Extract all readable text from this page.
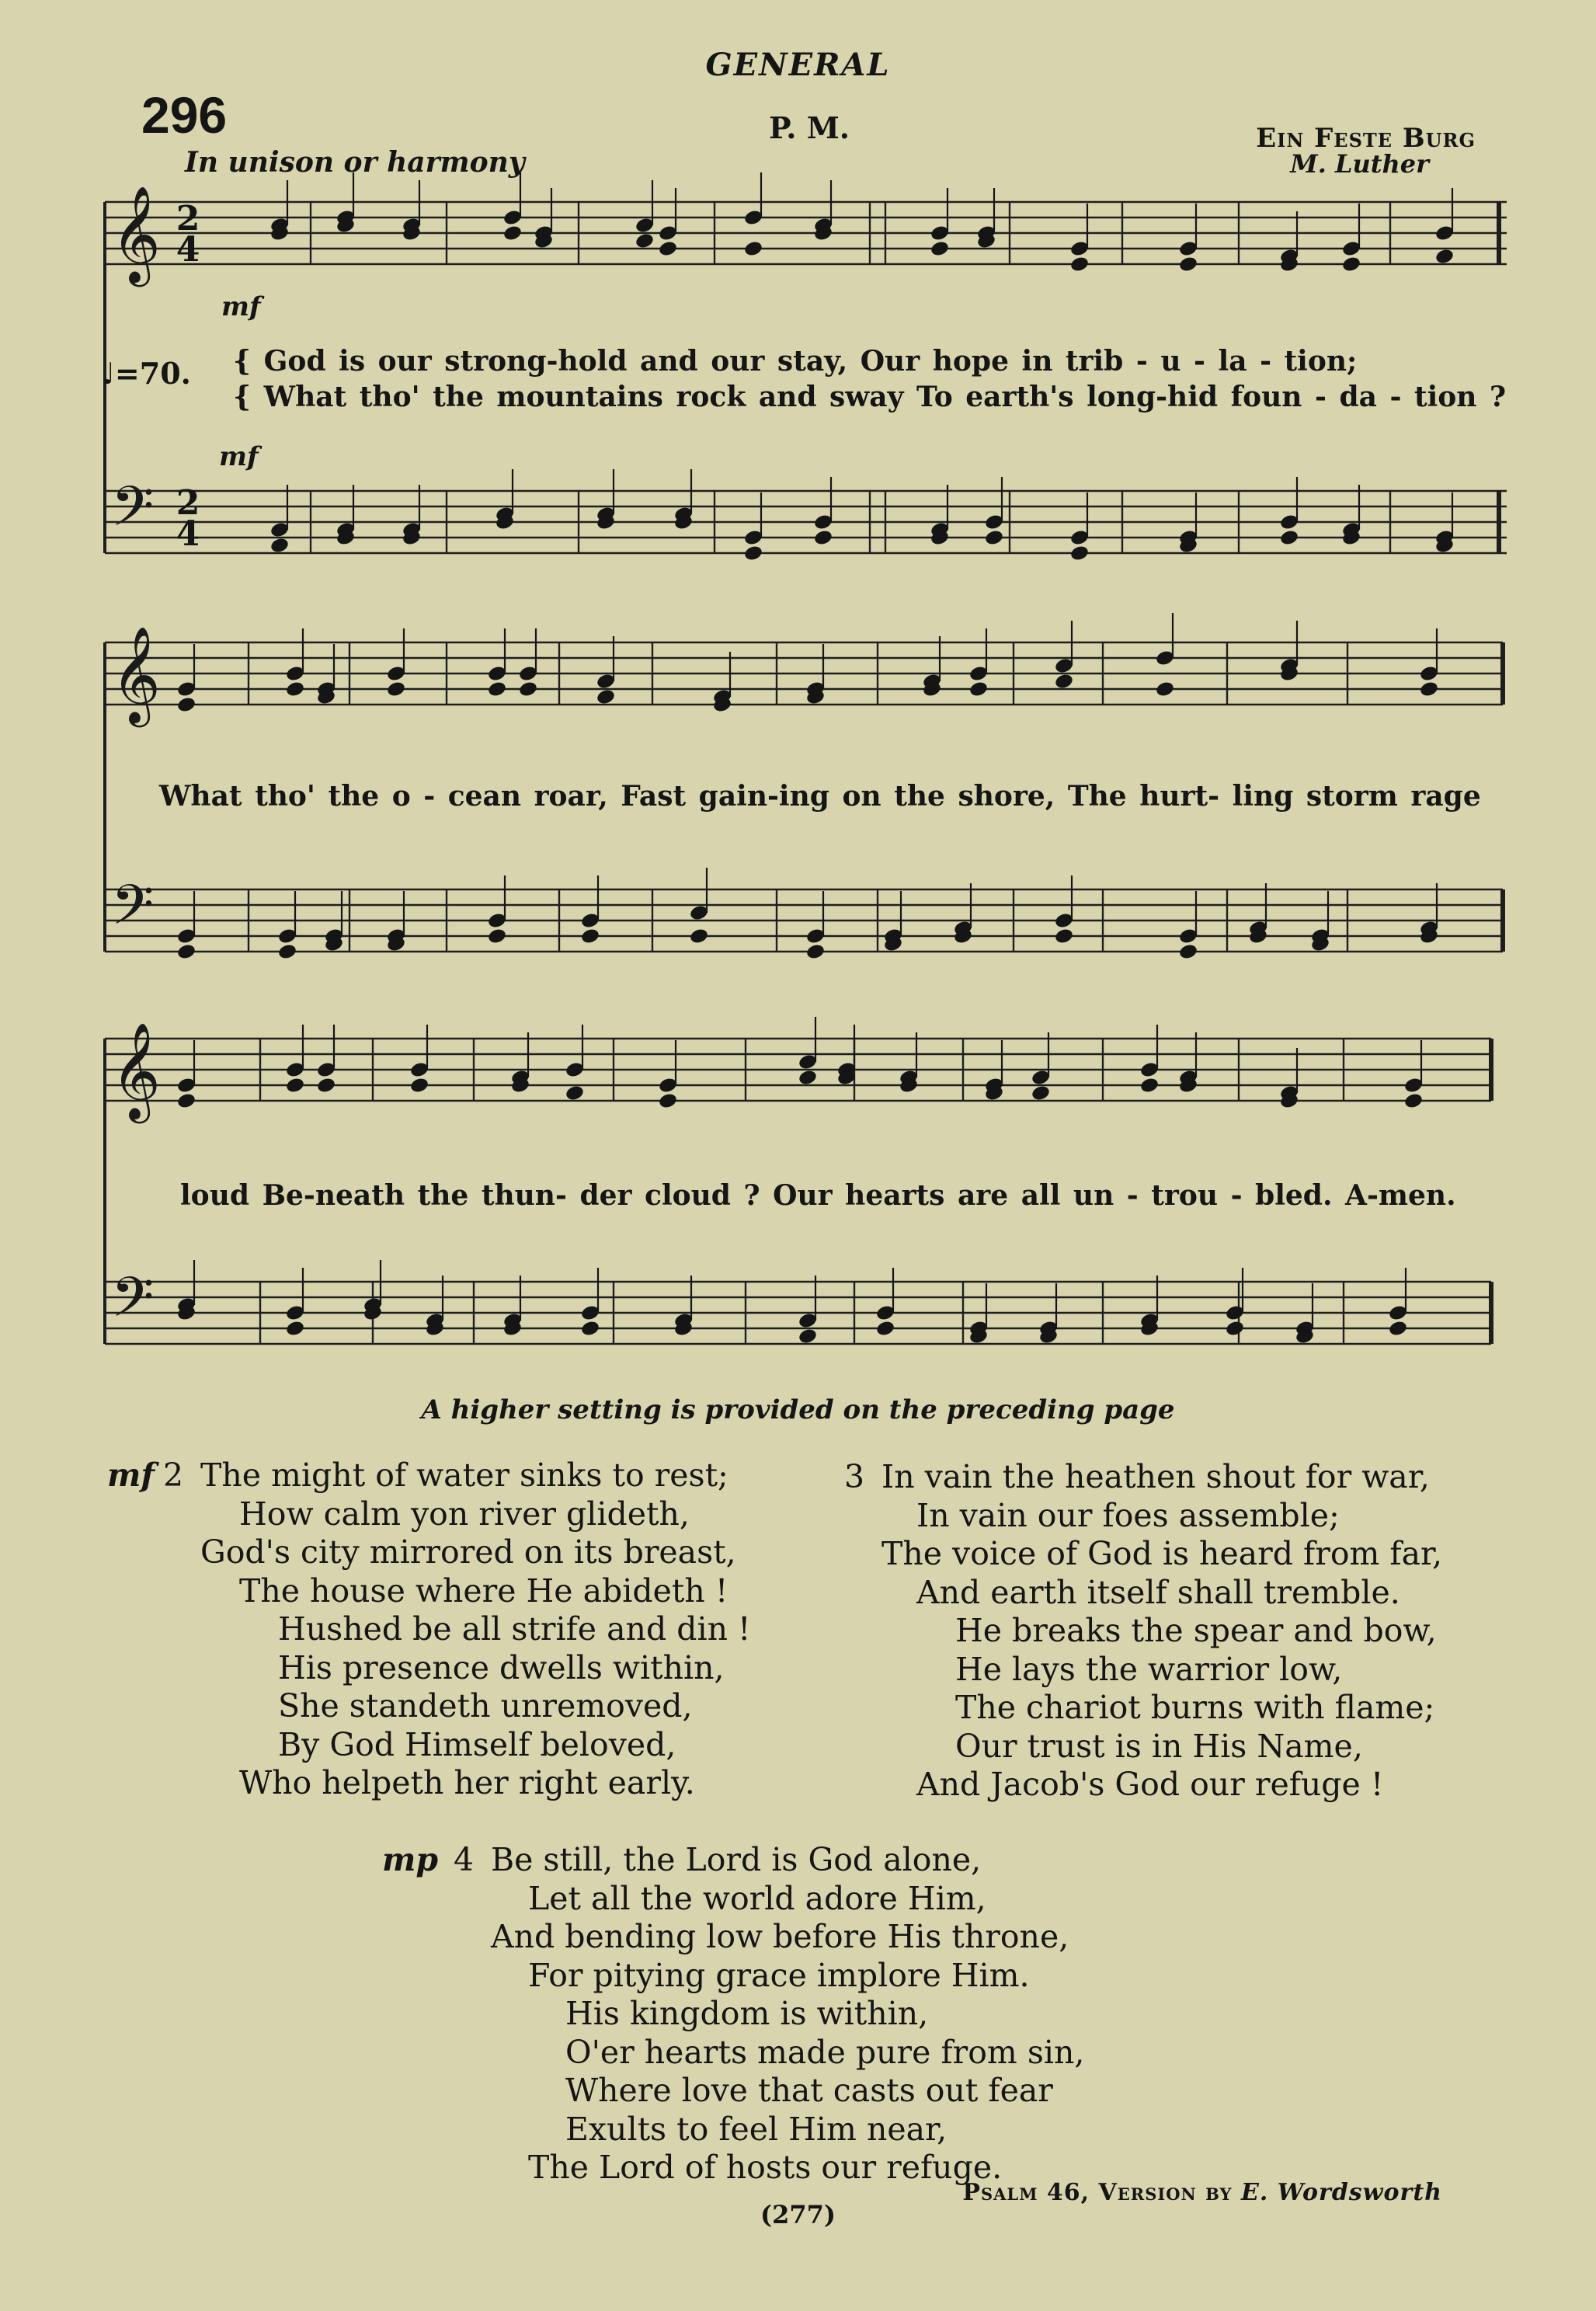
GENERAL
296	P. M.	Ein Feste Burg
M. Luther
In unison or harmony
𝄞
𝄢
𝄞
𝄢
𝄞
𝄢
2
4
2
4
mf
mf
♩=70. { God is our strong-hold and our stay, Our hope in trib - u - la - tion;
{ What tho' the mountains rock and sway To earth's long-hid foun - da - tion ?
What tho' the o - cean roar, Fast gain-ing on the shore, The hurt- ling storm rage
loud Be-neath the thun- der cloud ? Our hearts are all un - trou - bled. A-men.
A higher setting is provided on the preceding page
mf 2 The might of water sinks to rest;
How calm yon river glideth,
God's city mirrored on its breast,
The house where He abideth !
Hushed be all strife and din !
His presence dwells within,
She standeth unremoved,
By God Himself beloved,
Who helpeth her right early.
3 In vain the heathen shout for war,
In vain our foes assemble;
The voice of God is heard from far,
And earth itself shall tremble.
He breaks the spear and bow,
He lays the warrior low,
The chariot burns with flame;
Our trust is in His Name,
And Jacob's God our refuge !
mp 4 Be still, the Lord is God alone,
Let all the world adore Him,
And bending low before His throne,
For pitying grace implore Him.
His kingdom is within,
O'er hearts made pure from sin,
Where love that casts out fear
Exults to feel Him near,
The Lord of hosts our refuge.
Psalm 46, Version by E. Wordsworth
(277)
